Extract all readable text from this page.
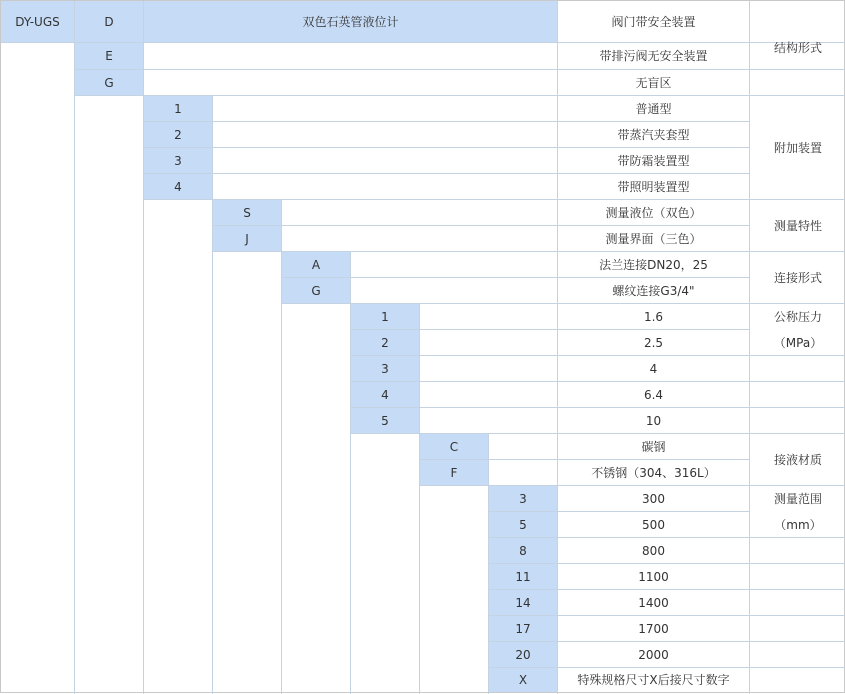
DY-UGS	D	双色石英管液位计	阀门带安全装置
E	带排污阀无安全装置
G	无盲区
结构形式
1	普通型
2	带蒸汽夹套型
3	带防霜装置型
4	带照明装置型
附加装置
S	测量液位（双色）
J	测量界面（三色）
测量特性
A	法兰连接DN20，25
G	螺纹连接G3/4"
连接形式
1	1.6
2	2.5
3	4
4	6.4
5	10
公称压力
（MPa）
C	碳钢
F	不锈钢（304、316L）
接液材质
3	300
5	500
8	800
11	1100
14	1400
17	1700
20	2000
X	特殊规格尺寸X后接尺寸数字
测量范围
（mm）
